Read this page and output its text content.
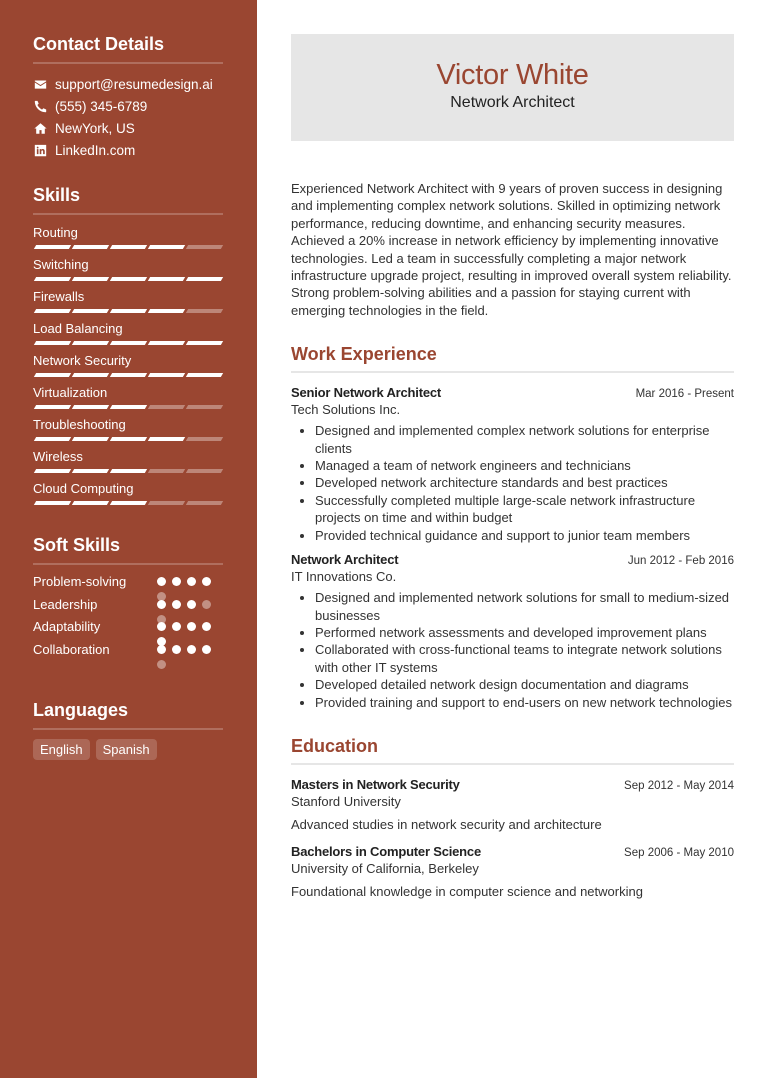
Contact Details
support@resumedesign.ai
(555) 345-6789
NewYork, US
LinkedIn.com
Skills
Routing
Switching
Firewalls
Load Balancing
Network Security
Virtualization
Troubleshooting
Wireless
Cloud Computing
Soft Skills
Problem-solving
Leadership
Adaptability
Collaboration
Languages
English	Spanish
Victor White
Network Architect

Experienced Network Architect with 9 years of proven success in designing and implementing complex network solutions. Skilled in optimizing network performance, reducing downtime, and enhancing security measures. Achieved a 20% increase in network efficiency by implementing innovative technologies. Led a team in successfully completing a major network infrastructure upgrade project, resulting in improved overall system reliability. Strong problem-solving abilities and a passion for staying current with emerging technologies in the field.

Work Experience
Senior Network Architect	Mar 2016 - Present
Tech Solutions Inc.
• Designed and implemented complex network solutions for enterprise clients
• Managed a team of network engineers and technicians
• Developed network architecture standards and best practices
• Successfully completed multiple large-scale network infrastructure projects on time and within budget
• Provided technical guidance and support to junior team members
Network Architect	Jun 2012 - Feb 2016
IT Innovations Co.
• Designed and implemented network solutions for small to medium-sized businesses
• Performed network assessments and developed improvement plans
• Collaborated with cross-functional teams to integrate network solutions with other IT systems
• Developed detailed network design documentation and diagrams
• Provided training and support to end-users on new network technologies
Education
Masters in Network Security	Sep 2012 - May 2014
Stanford University
Advanced studies in network security and architecture
Bachelors in Computer Science	Sep 2006 - May 2010
University of California, Berkeley
Foundational knowledge in computer science and networking
